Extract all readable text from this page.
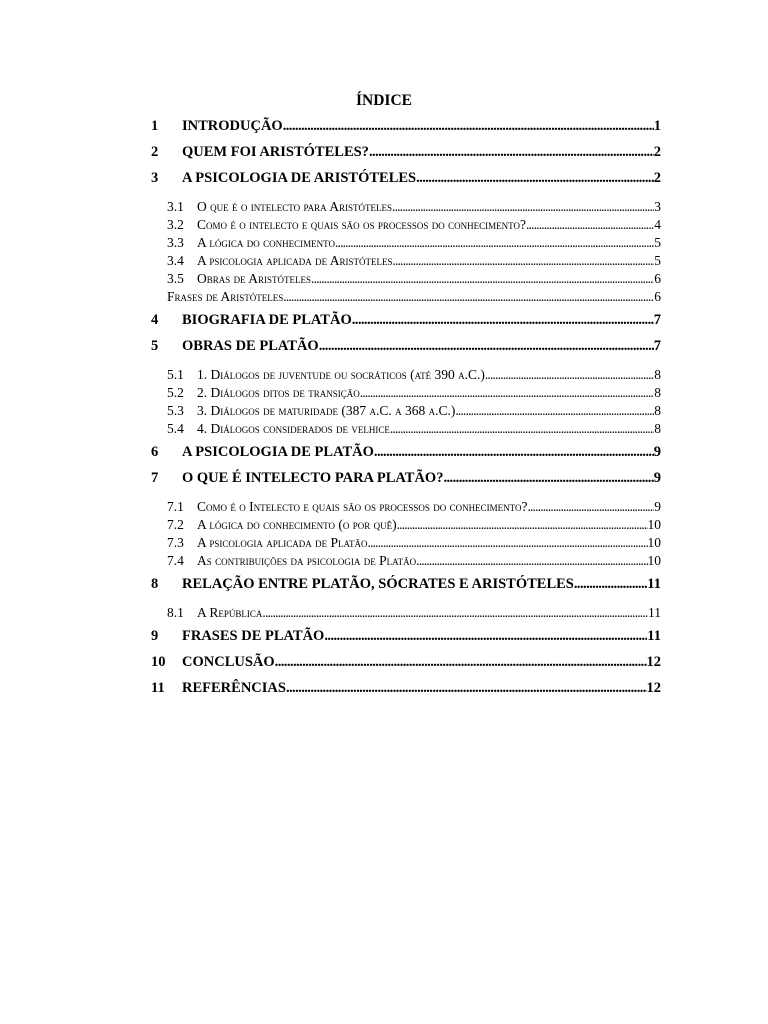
ÍNDICE
1	INTRODUÇÃO . . .	1
2	QUEM FOI ARISTÓTELES? . . .	2
3	A PSICOLOGIA DE ARISTÓTELES . . .	2
3.1 O que é o intelecto para Aristóteles . . .	3
3.2 Como é o intelecto e quais são os processos do conhecimento? . . .	4
3.3 A lógica do conhecimento . . .	5
3.4 A psicologia aplicada de Aristóteles . . .	5
3.5 Obras de Aristóteles . . .	6
Frases de Aristóteles . . .	6
4	BIOGRAFIA DE PLATÃO . . .	7
5	OBRAS DE PLATÃO . . .	7
5.1 1. Diálogos de juventude ou socráticos (até 390 a.C.) . . .	8
5.2 2. Diálogos ditos de transição . . .	8
5.3 3. Diálogos de maturidade (387 a.C. a 368 a.C.) . . .	8
5.4 4. Diálogos considerados de velhice . . .	8
6	A PSICOLOGIA DE PLATÃO . . .	9
7	O QUE É INTELECTO PARA PLATÃO? . . .	9
7.1 Como é o Intelecto e quais são os processos do conhecimento? . . .	9
7.2 A lógica do conhecimento (o por quê) . . .	10
7.3 A psicologia aplicada de Platão . . .	10
7.4 As contribuições da psicologia de Platão . . .	10
8	RELAÇÃO ENTRE PLATÃO, SÓCRATES E ARISTÓTELES . . .	11
8.1 A República . . .	11
9	FRASES DE PLATÃO . . .	11
10	CONCLUSÃO . . .	12
11	REFERÊNCIAS . . .	12
